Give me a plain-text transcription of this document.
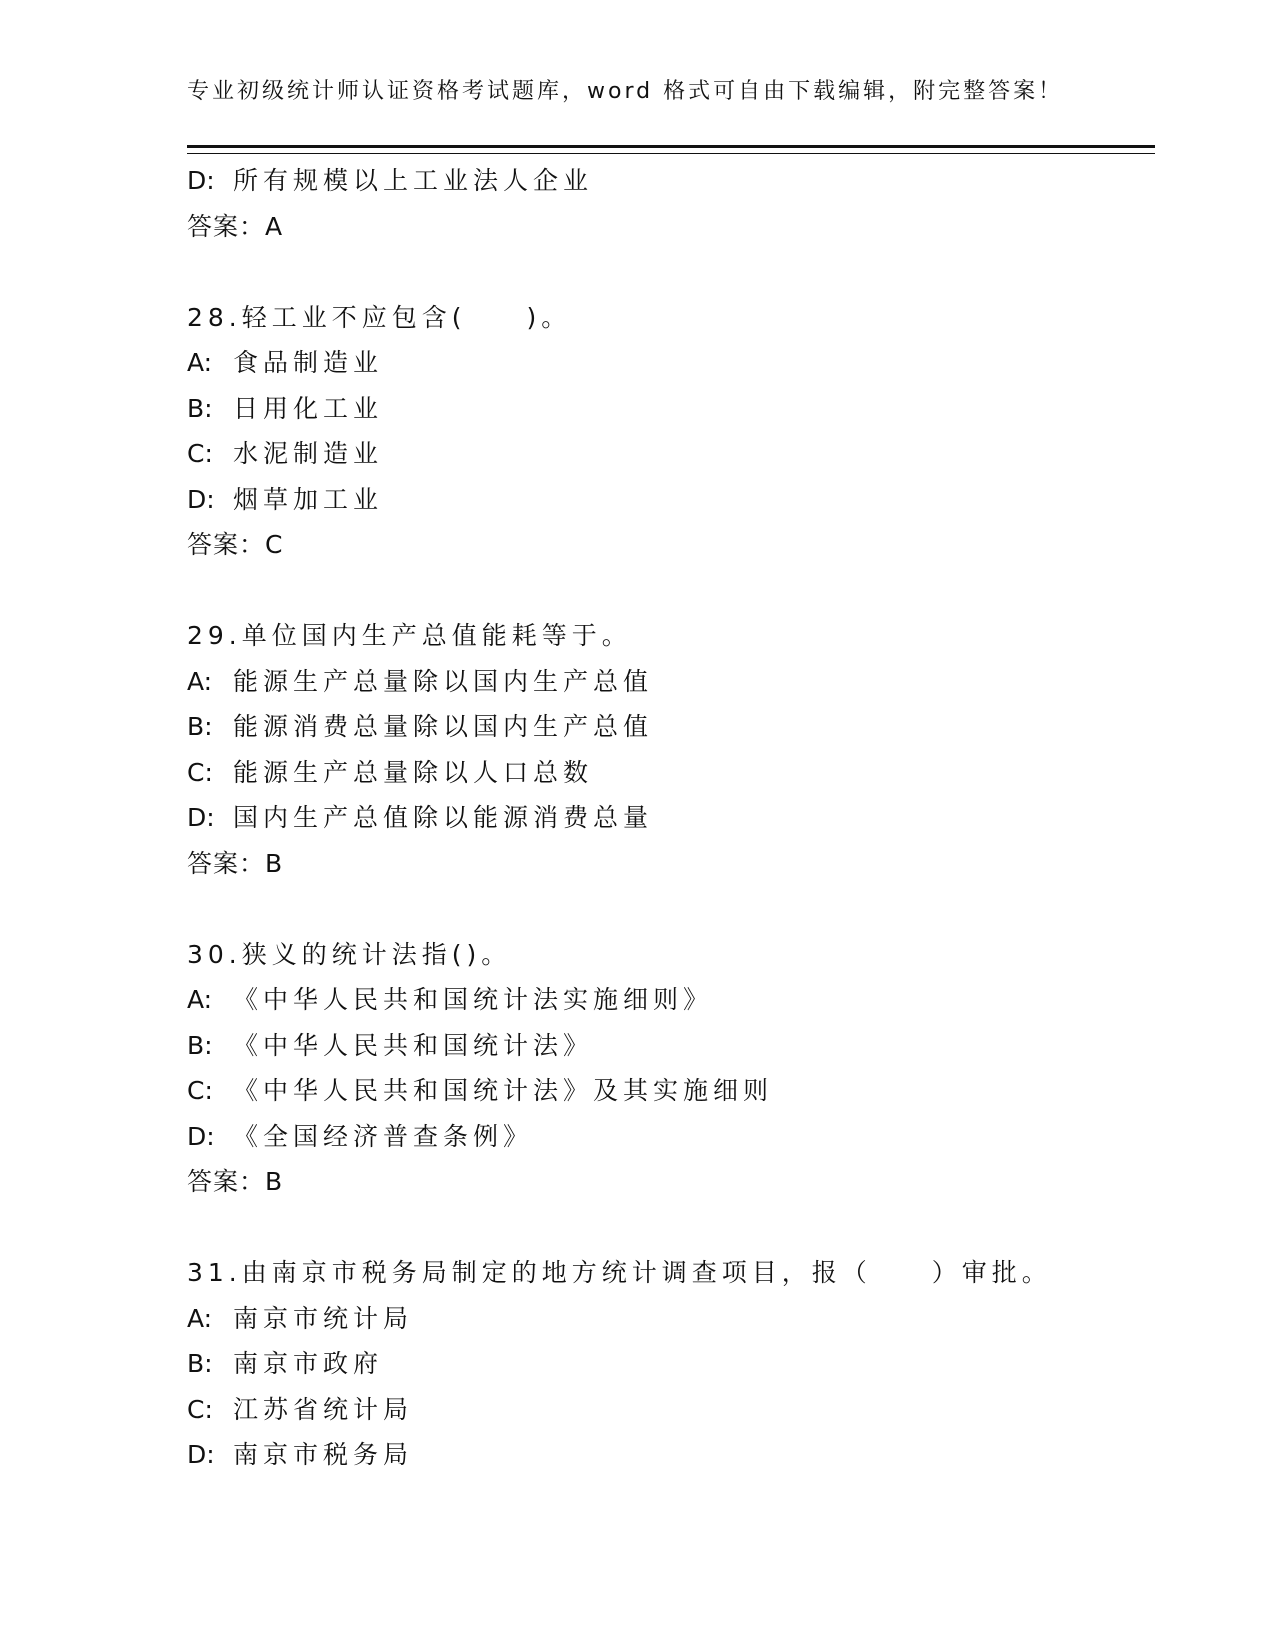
专业初级统计师认证资格考试题库，word 格式可自由下载编辑，附完整答案！
D: 所有规模以上工业法人企业
答案：A
28.轻工业不应包含(　　)。
A: 食品制造业
B: 日用化工业
C: 水泥制造业
D: 烟草加工业
答案：C
29.单位国内生产总值能耗等于。
A: 能源生产总量除以国内生产总值
B: 能源消费总量除以国内生产总值
C: 能源生产总量除以人口总数
D: 国内生产总值除以能源消费总量
答案：B
30.狭义的统计法指()。
A: 《中华人民共和国统计法实施细则》
B: 《中华人民共和国统计法》
C: 《中华人民共和国统计法》及其实施细则
D: 《全国经济普查条例》
答案：B
31.由南京市税务局制定的地方统计调查项目，报（　　）审批。
A: 南京市统计局
B: 南京市政府
C: 江苏省统计局
D: 南京市税务局
